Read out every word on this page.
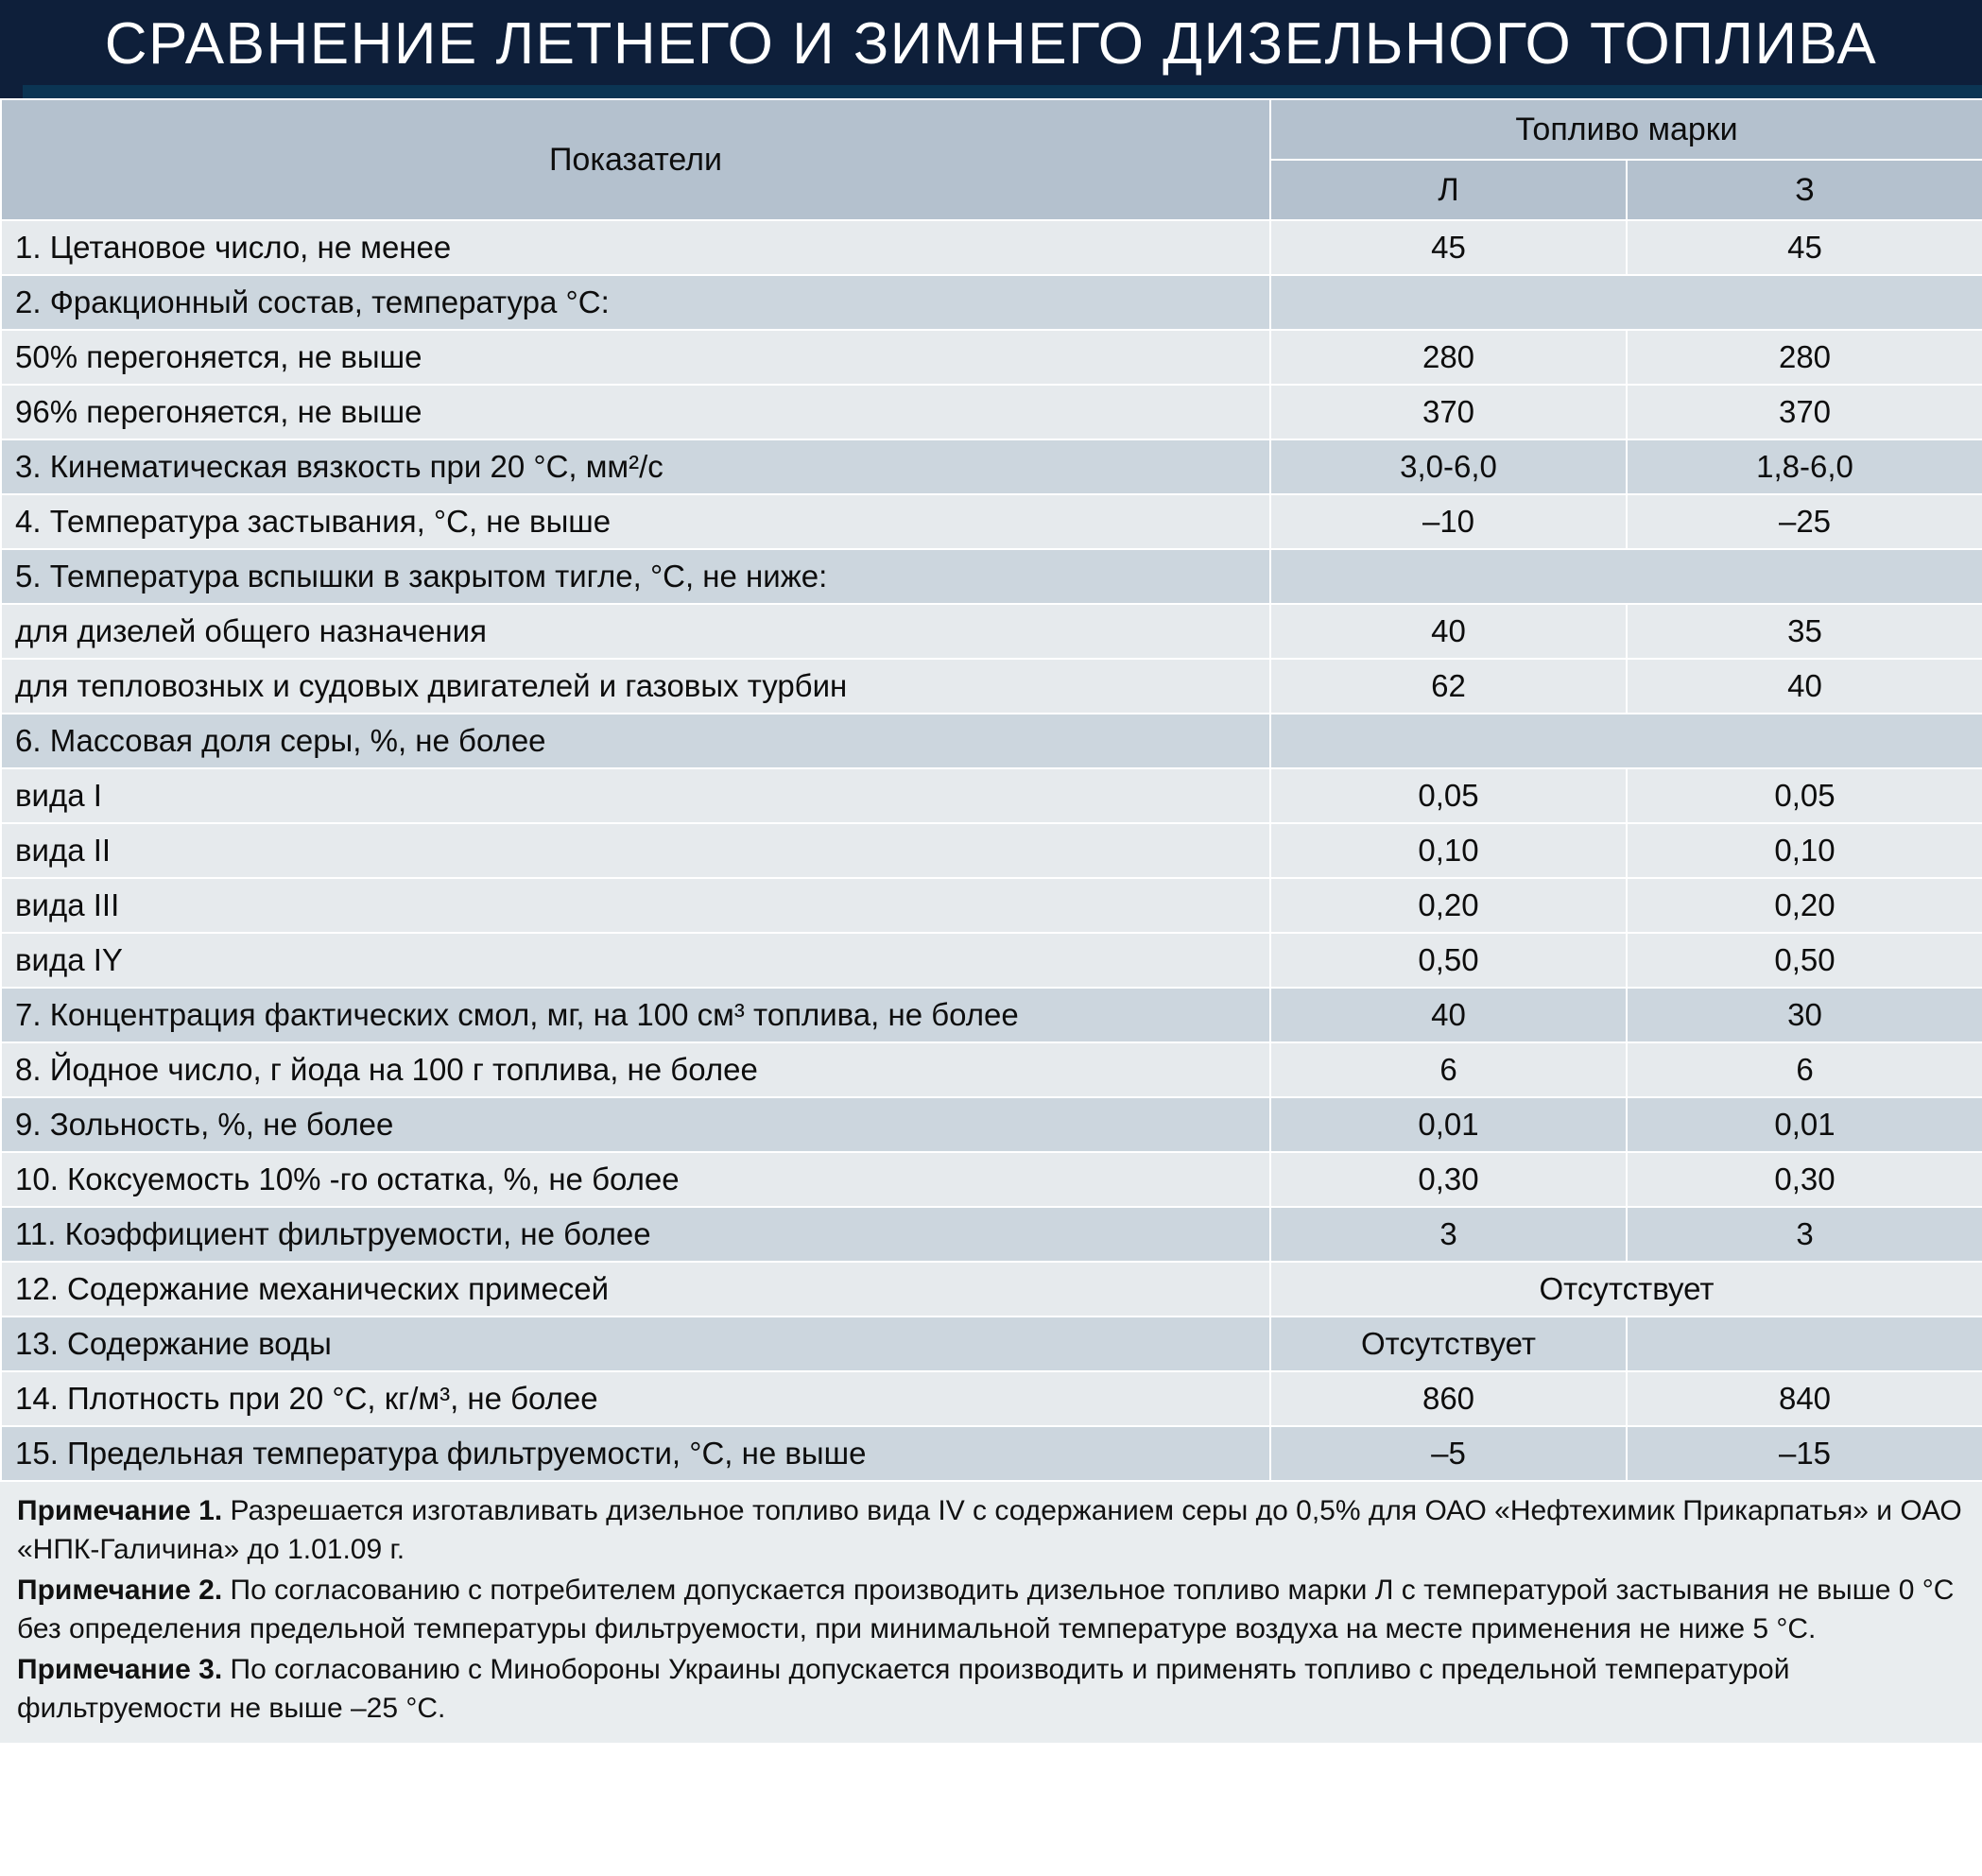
СРАВНЕНИЕ ЛЕТНЕГО И ЗИМНЕГО ДИЗЕЛЬНОГО ТОПЛИВА
Показатели	Топливо марки	
	Л	З
1. Цетановое число, не менее	45	45
2. Фракционный состав, температура °C:		
50% перегоняется, не выше	280	280
96% перегоняется, не выше	370	370
3. Кинематическая вязкость при 20 °C, мм²/с	3,0-6,0	1,8-6,0
4. Температура застывания, °C, не выше	–10	–25
5. Температура вспышки в закрытом тигле, °C, не ниже:		
для дизелей общего назначения	40	35
для тепловозных и судовых двигателей и газовых турбин	62	40
6. Массовая доля серы, %, не более		
вида I	0,05	0,05
вида II	0,10	0,10
вида III	0,20	0,20
вида IY	0,50	0,50
7. Концентрация фактических смол, мг, на 100 см³ топлива, не более	40	30
8. Йодное число, г йода на 100 г топлива, не более	6	6
9. Зольность, %, не более	0,01	0,01
10. Коксуемость 10% -го остатка, %, не более	0,30	0,30
11. Коэффициент фильтруемости, не более	3	3
12. Содержание механических примесей	Отсутствует	
13. Содержание воды	Отсутствует	
14. Плотность при 20 °C, кг/м³, не более	860	840
15. Предельная температура фильтруемости, °C, не выше	–5	–15

Примечание 1. Разрешается изготавливать дизельное топливо вида IV с содержанием серы до 0,5% для ОАО «Нефтехимик Прикарпатья» и ОАО «НПК-Галичина» до 1.01.09 г.

Примечание 2. По согласованию с потребителем допускается производить дизельное топливо марки Л с температурой застывания не выше 0 °C без определения предельной температуры фильтруемости, при минимальной температуре воздуха на месте применения не ниже 5 °C.

Примечание 3. По согласованию с Минобороны Украины допускается производить и применять топливо с предельной температурой фильтруемости не выше –25 °C.
